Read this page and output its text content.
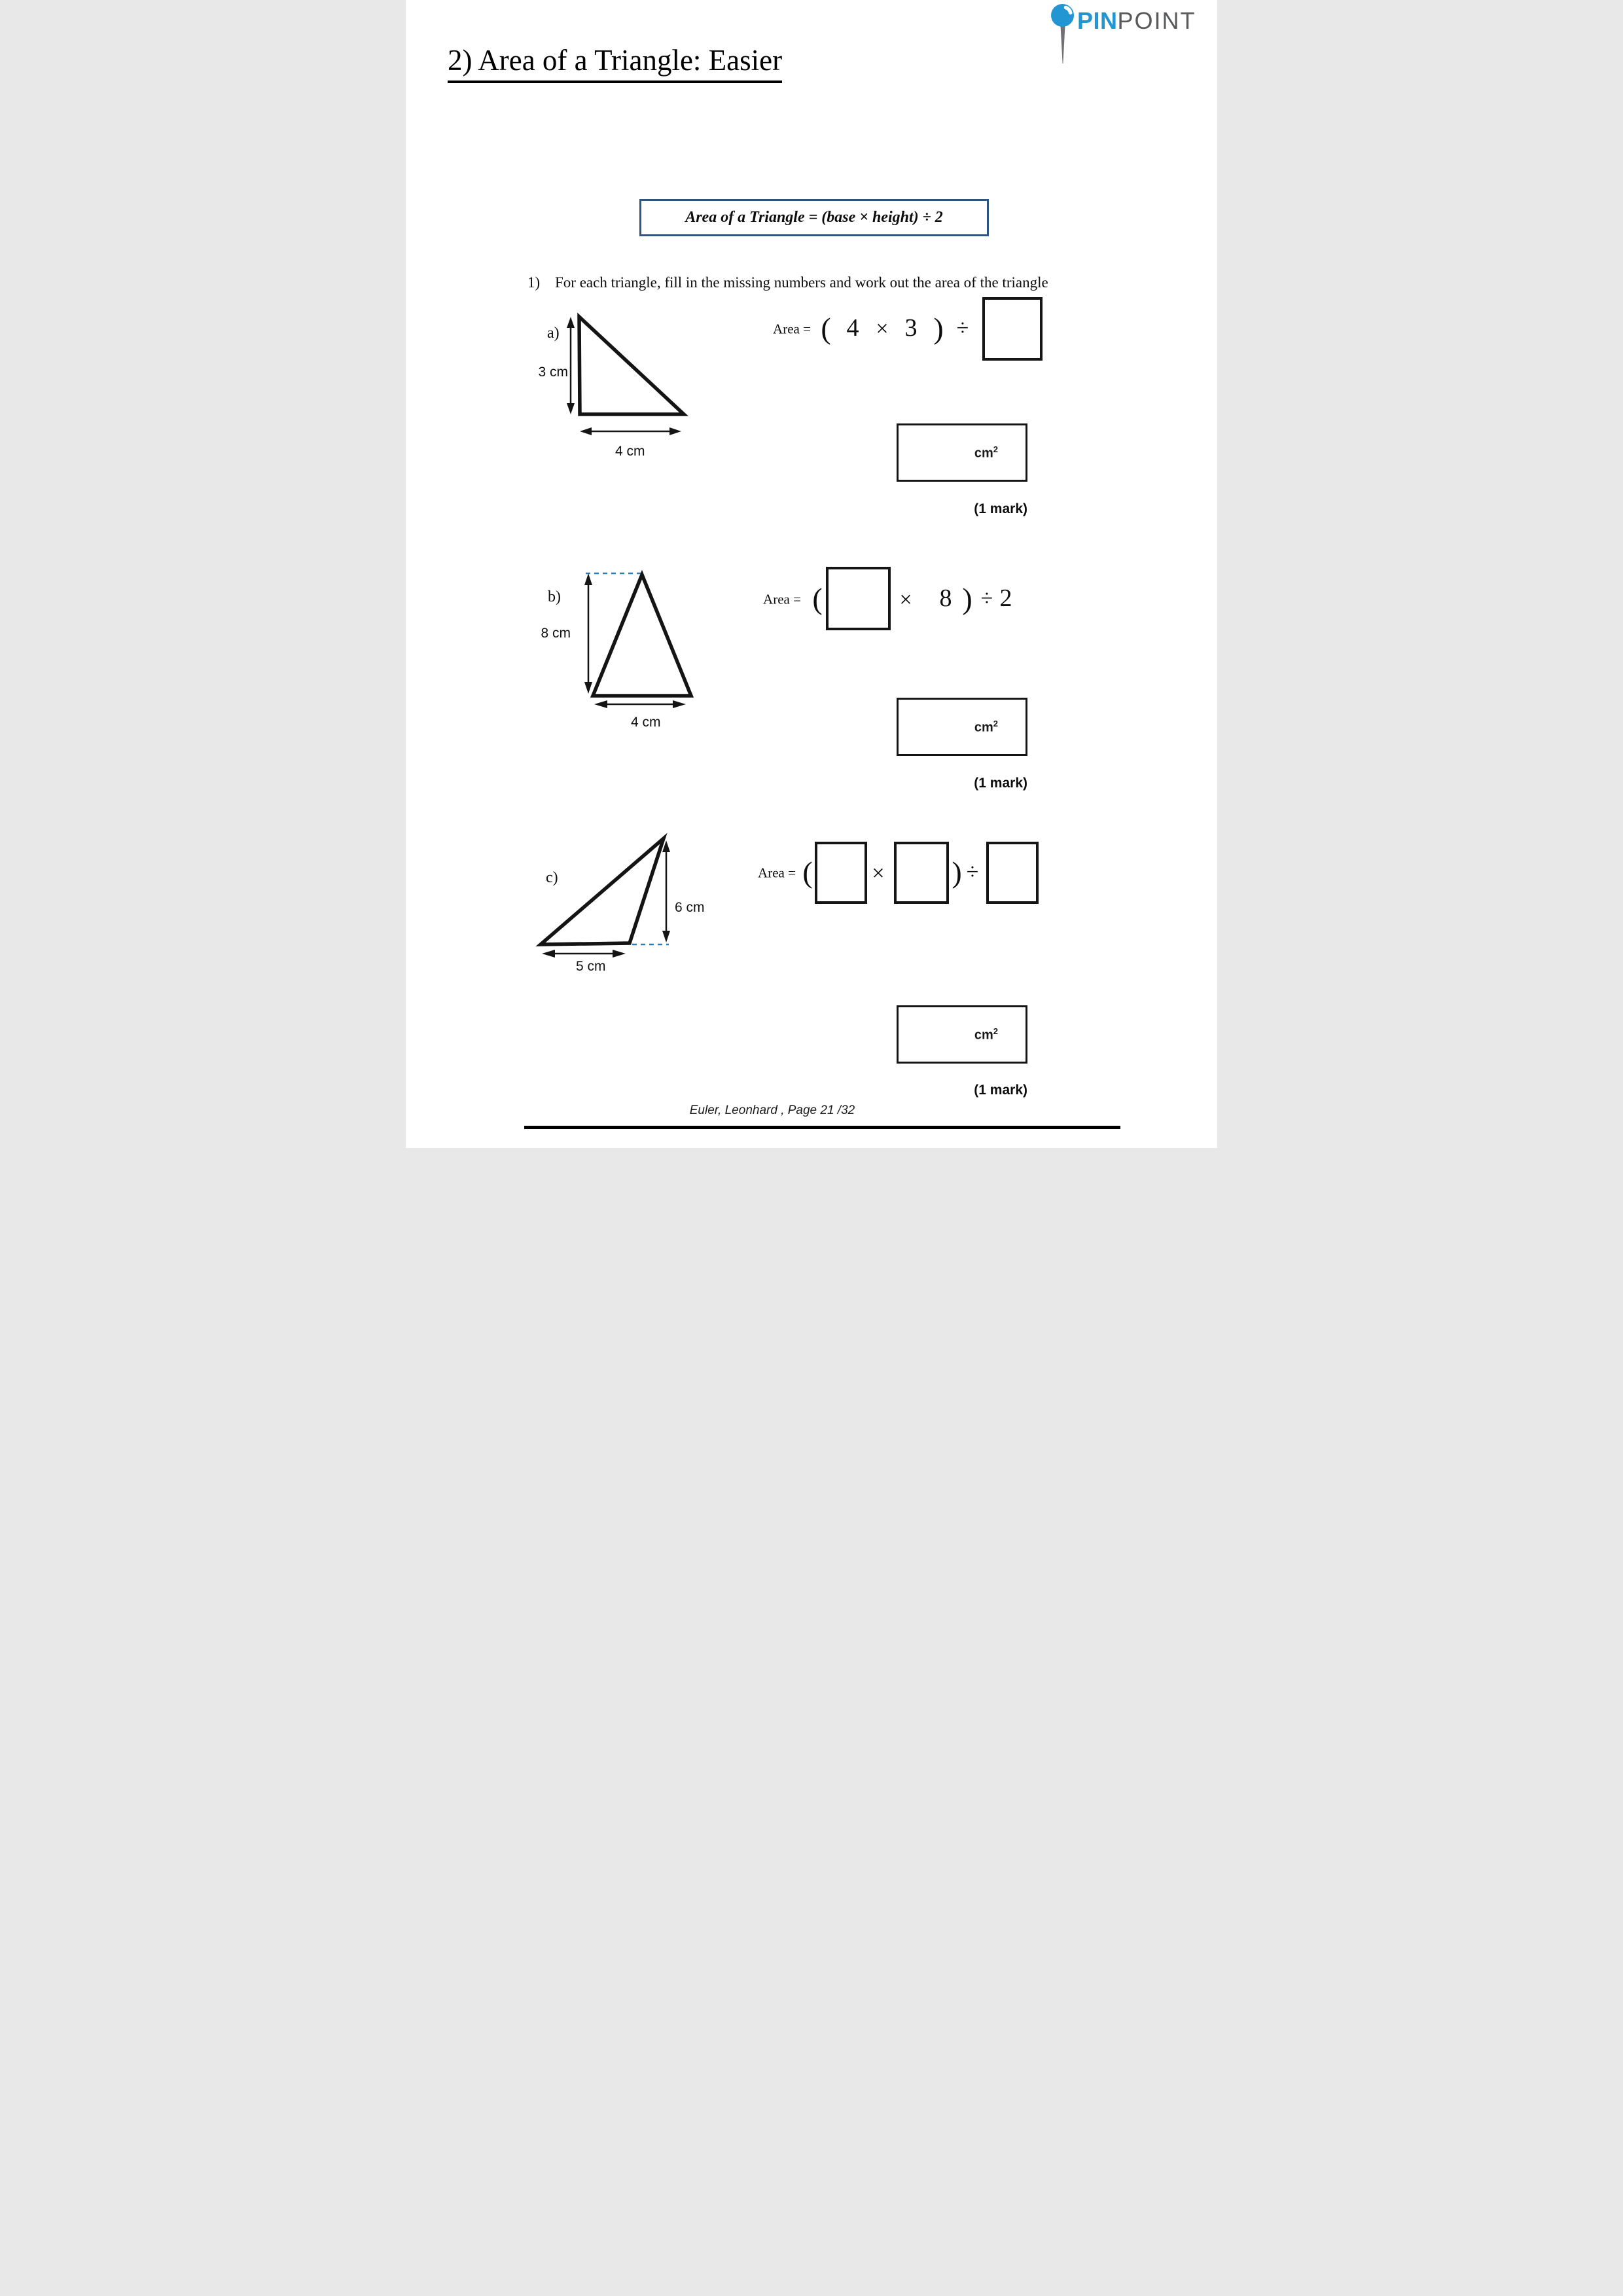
PINPOINT
2) Area of a Triangle: Easier
Area of a Triangle = (base × height) ÷ 2
1) For each triangle, fill in the missing numbers and work out the area of the triangle
a)
3 cm
4 cm
Area = ( 4 × 3 ) ÷
$cm^2$
(1 mark)
b)
8 cm
4 cm
Area = (	× 8 ) ÷ 2
$cm^2$
(1 mark)
c)
6 cm
5 cm
Area = (	× ) ÷
$cm^2$
(1 mark)
Euler, Leonhard , Page 21 /32
